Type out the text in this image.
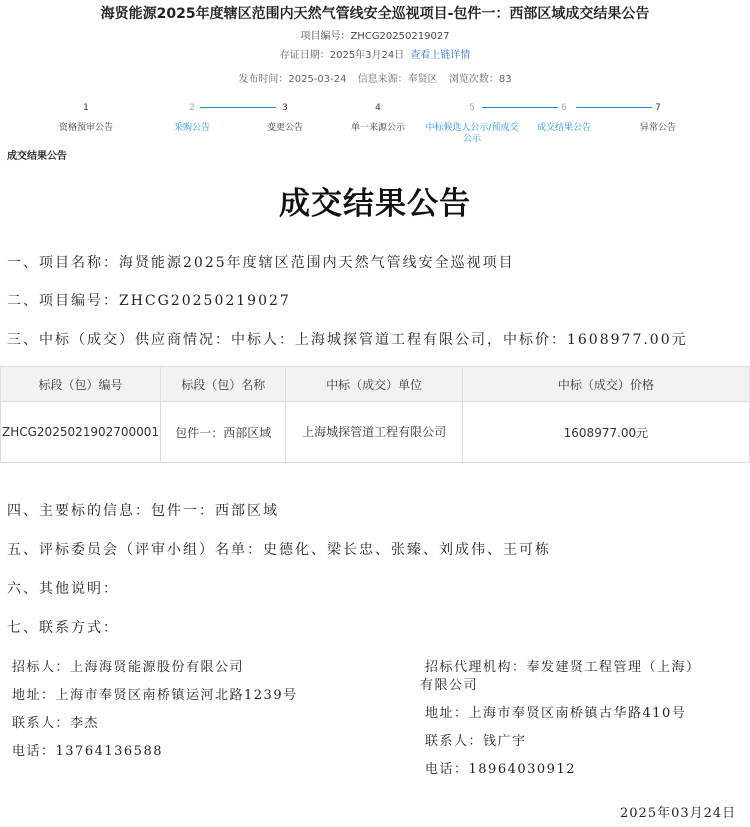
海贤能源2025年度辖区范围内天然气管线安全巡视项目-包件一：西部区域成交结果公告
项目编号：ZHCG20250219027
存证日期：2025年3月24日 查看上链详情
发布时间：2025-03-24 信息来源：奉贤区 浏览次数：83
1
资格预审公告
2
采购公告
3
变更公告
4
单一来源公示
5
中标候选人公示/预成交公示
6
成交结果公告
7
异常公告
成交结果公告
成交结果公告
一、项目名称：海贤能源2025年度辖区范围内天然气管线安全巡视项目
二、项目编号：ZHCG20250219027
三、中标（成交）供应商情况：中标人：上海城探管道工程有限公司，中标价：1608977.00元
标段（包）编号	标段（包）名称	中标（成交）单位	中标（成交）价格
ZHCG2025021902700001	包件一：西部区域	上海城探管道工程有限公司	1608977.00元
四、主要标的信息：包件一：西部区域
五、评标委员会（评审小组）名单：史德化、梁长忠、张臻、刘成伟、王可栋
六、其他说明：
七、联系方式：
招标人：上海海贤能源股份有限公司
地址：上海市奉贤区南桥镇运河北路1239号
联系人：李杰
电话：13764136588
招标代理机构：奉发建贤工程管理（上海）
有限公司
地址：上海市奉贤区南桥镇古华路410号
联系人：钱广宇
电话：18964030912
2025年03月24日
